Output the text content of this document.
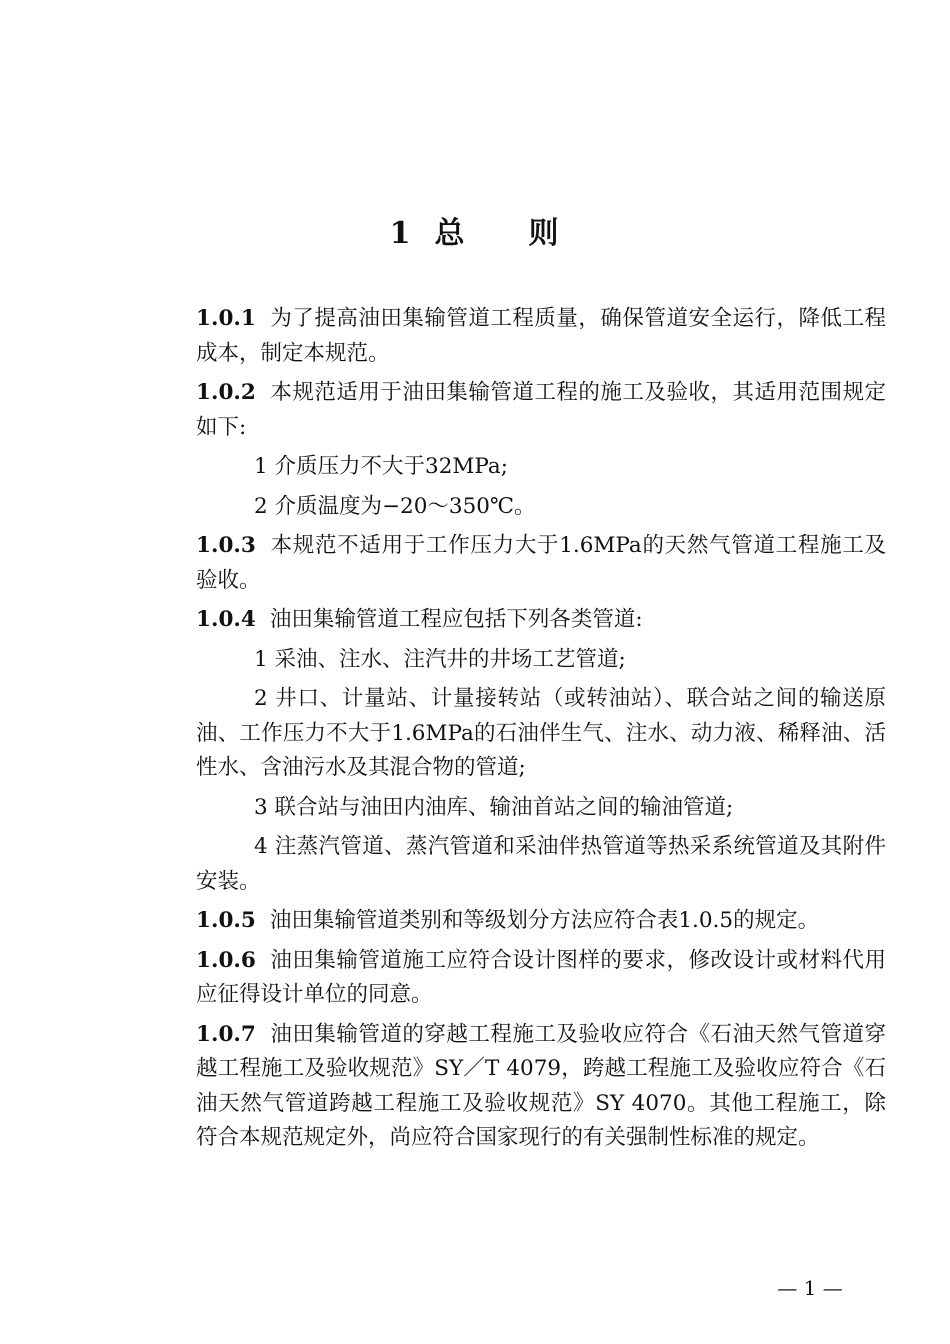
1 总 则

1.0.1 为了提高油田集输管道工程质量，确保管道安全运行，降低工程成本，制定本规范。

1.0.2 本规范适用于油田集输管道工程的施工及验收，其适用范围规定如下:

1 介质压力不大于32MPa;

2 介质温度为−20～350℃。

1.0.3 本规范不适用于工作压力大于1.6MPa的天然气管道工程施工及验收。

1.0.4 油田集输管道工程应包括下列各类管道:

1 采油、注水、注汽井的井场工艺管道;

2 井口、计量站、计量接转站（或转油站）、联合站之间的输送原油、工作压力不大于1.6MPa的石油伴生气、注水、动力液、稀释油、活性水、含油污水及其混合物的管道;

3 联合站与油田内油库、输油首站之间的输油管道;

4 注蒸汽管道、蒸汽管道和采油伴热管道等热采系统管道及其附件安装。

1.0.5 油田集输管道类别和等级划分方法应符合表1.0.5的规定。

1.0.6 油田集输管道施工应符合设计图样的要求，修改设计或材料代用应征得设计单位的同意。

1.0.7 油田集输管道的穿越工程施工及验收应符合《石油天然气管道穿越工程施工及验收规范》SY／T 4079，跨越工程施工及验收应符合《石油天然气管道跨越工程施工及验收规范》SY 4070。其他工程施工，除符合本规范规定外，尚应符合国家现行的有关强制性标准的规定。

— 1 —
